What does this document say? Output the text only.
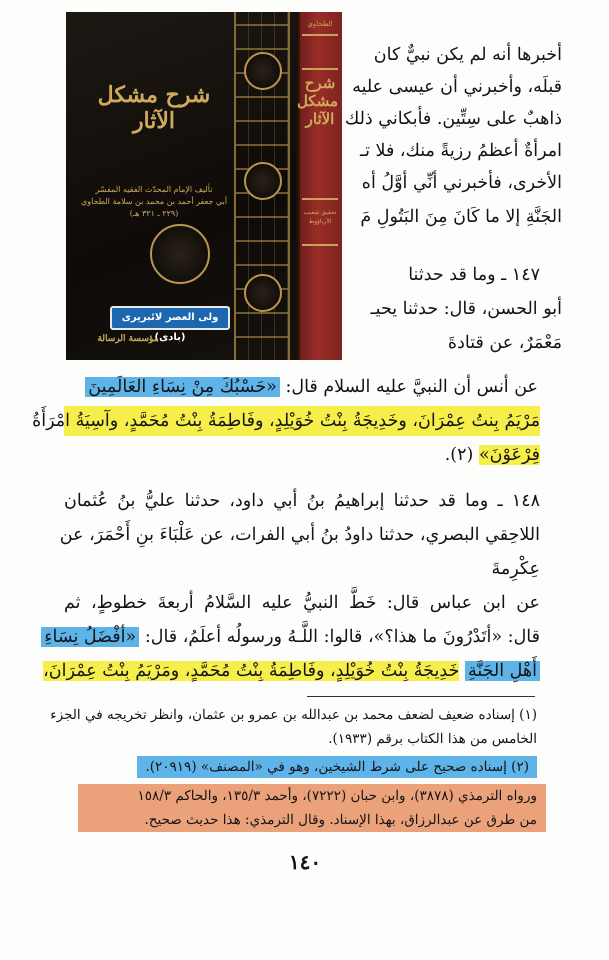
أخبرها أنه لم يكن نبيٌّ كان
قبلَه، وأخبرني أن عيسى عليه
ذاهبٌ على سِتِّين. فأبكاني ذلك
امرأةٌ أعظمُ رزيةً منك، فلا تـ
الأخرى، فأخبرني أنِّي أوَّلُ أه
الجَنَّةِ إلا ما كَانَ مِنَ البَتُولِ مَ
١٤٧ ـ وما قد حدثنا
أبو الحسن، قال: حدثنا يحيـ
مَعْمَرٌ، عن قتادةَ
عن أنس أن النبيَّ عليه السلام قال: «حَسْبُكَ مِنْ نِسَاءِ العَالَمِينَ
مَرْيَمُ بِنتُ عِمْرَانَ، وخَدِيجَةُ بِنْتُ خُوَيْلِدٍ، وفَاطِمَةُ بِنْتُ مُحَمَّدٍ، وآسِيَةُ امْرَأَةُ
فِرْعَوْنَ» (٢).
١٤٨ ـ وما قد حدثنا إبراهيمُ بنُ أبي داود، حدثنا عليُّ بنُ عُثمان
اللاحِقي البصري، حدثنا داودُ بنُ أبي الفرات، عن عَلْبَاءَ بنِ أَحْمَرَ، عن
عِكْرِمةَ
عن ابن عباس قال: خَطَّ النبيُّ عليه السَّلامُ أربعةَ خطوطٍ، ثم
قال: «أتَدْرُونَ ما هذا؟»، قالوا: اللَّـهُ ورسولُه أعلَمُ، قال: «أفْضَلُ نِسَاءِ
أَهْلِ الجَنَّةِ خَدِيجَةُ بِنْتُ خُوَيْلِدٍ، وفَاطِمَةُ بِنْتُ مُحَمَّدٍ، ومَرْيَمُ بِنْتُ عِمْرَانَ،
(١) إسناده ضعيف لضعف محمد بن عبدالله بن عمرو بن عثمان، وانظر تخريجه في الجزء
الخامس من هذا الكتاب برقم (١٩٣٣).
(٢) إسناده صحيح على شرط الشيخين، وهو في «المصنف» (٢٠٩١٩).
ورواه الترمذي (٣٨٧٨)، وابن حبان (٧٢٢٢)، وأحمد ١٣٥/٣، والحاكم ١٥٨/٣
من طرق عن عبدالرزاق، بهذا الإسناد. وقال الترمذي: هذا حديث صحيح.
١٤٠
شرح مشكل الآثار
تأليف الإمام المحدّث الفقيه المفسّر
أبي جعفر أحمد بن محمد بن سلامة الطحاوي
(٢٢٩ ـ ٣٢١ هـ)
ولی العصر لائبریری (بادی)
مؤسسة الرسالة
الطحاوي
شرح مشكل الآثار
تحقيق شعيب الأرناؤوط
